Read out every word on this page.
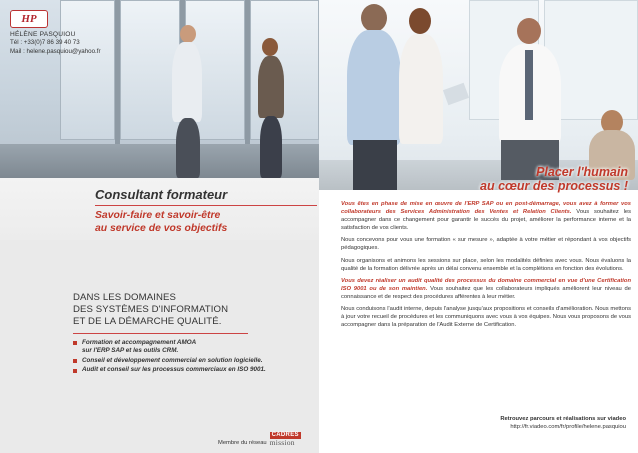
HP
HÉLÈNE PASQUIOU
Tél : +33(0)7 86 39 40 73
Mail : helene.pasquiou@yahoo.fr
Consultant formateur
Savoir-faire et savoir-être
au service de vos objectifs
DANS LES DOMAINES
DES SYSTÈMES D'INFORMATION
ET DE LA DÉMARCHE QUALITÉ.
Formation et accompagnement AMOA
sur l'ERP SAP et les outils CRM.
Conseil et développement commercial en solution logicielle.
Audit et conseil sur les processus commerciaux en ISO 9001.
Membre du réseau
CADRES
mission
Placer l'humain
au cœur des processus !

Vous êtes en phase de mise en œuvre de l'ERP SAP ou en post-démarrage, vous avez à former vos collaborateurs des Services Administration des Ventes et Relation Clients. Vous souhaitez les accompagner dans ce changement pour garantir le succès du projet, améliorer la performance interne et la satisfaction de vos clients.

Nous concevons pour vous une formation « sur mesure », adaptée à votre métier et répondant à vos objectifs pédagogiques.

Nous organisons et animons les sessions sur place, selon les modalités définies avec vous. Nous évaluons la qualité de la formation délivrée après un délai convenu ensemble et la complétions en fonction des évolutions.

Vous devez réaliser un audit qualité des processus du domaine commercial en vue d'une Certification ISO 9001 ou de son maintien. Vous souhaitez que les collaborateurs impliqués améliorent leur niveau de connaissance et de respect des procédures afférentes à leur métier.

Nous conduisons l'audit interne, depuis l'analyse jusqu'aux propositions et conseils d'amélioration. Nous mettons à jour votre recueil de procédures et les communiquons avec vous à vos équipes. Nous vous proposons de vous accompagner dans la préparation de l'Audit Externe de Certification.

Retrouvez parcours et réalisations sur viadeo
http://fr.viadeo.com/fr/profile/helene.pasquiou
